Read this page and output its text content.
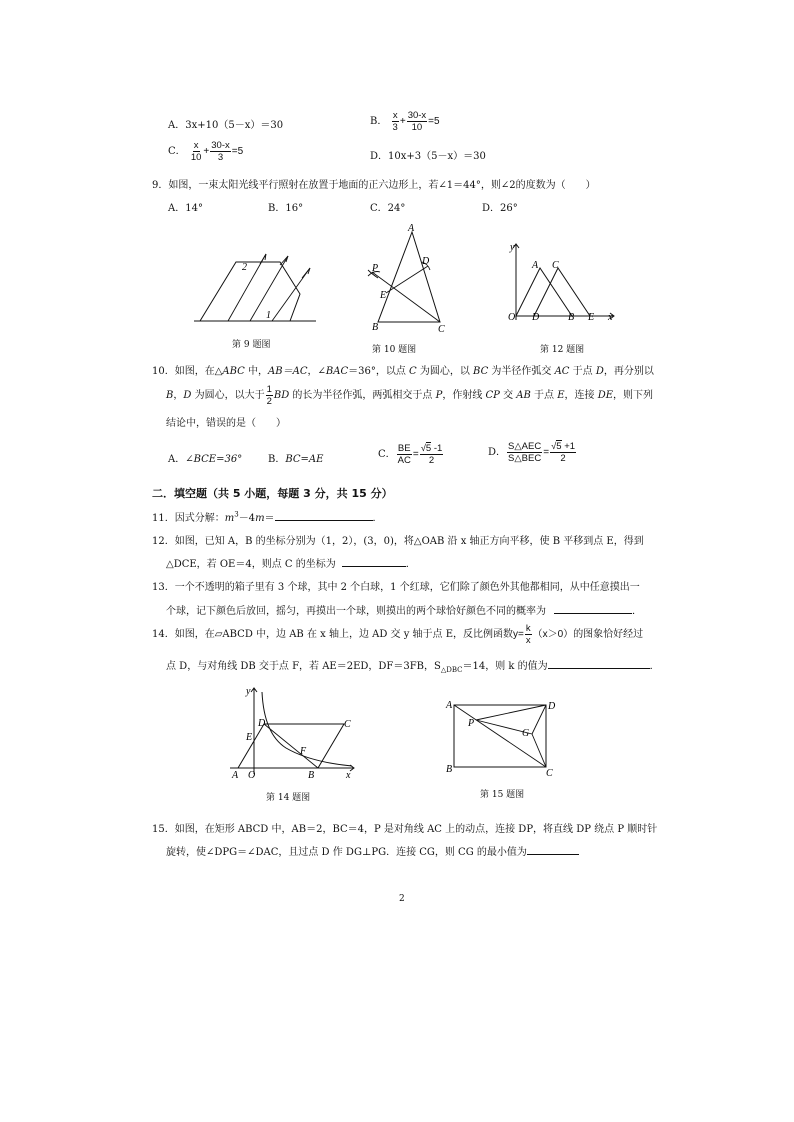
A．3x+10（5－x）＝30	B． $\frac{x}{3} + \frac{30-x}{10} =5$
C． $\frac{x}{10} + \frac{30-x}{3} =5$	D．10x+3（5－x）＝30
9．如图，一束太阳光线平行照射在放置于地面的正六边形上，若∠1＝44°，则∠2的度数为（　　）
A．14°	B．16°	C．24°	D．26°
2
1
第 9 题图
A
P
D
E
B	C
第 10 题图
y
A C
O D	B E x
第 12 题图
10．如图，在△ABC 中，AB＝AC，∠BAC＝36°，以点 C 为圆心，以 BC 为半径作弧交 AC 于点 D，再分别以
B，D 为圆心，以大于 $\frac{1}{2}$ BD 的长为半径作弧，两弧相交于点 P，作射线 CP 交 AB 于点 E，连接 DE，则下列
结论中，错误的是（　　）
A．∠BCE=36°	B．BC=AE	C． $\frac{BE}{AC} = \frac{√5 -1}{2}$	D． $\frac{\text{S△AEC}}{\text{S△BEC}} = \frac{√5 +1}{2}$
二．填空题（共 5 小题，每题 3 分，共 15 分）
11．因式分解：$m^3-4m=$	．
12．如图，已知 A，B 的坐标分别为（1，2），(3，0)，将△OAB 沿 x 轴正方向平移，使 B 平移到点 E，得到
△DCE，若 OE＝4，则点 C 的坐标为	．
13．一个不透明的箱子里有 3 个球，其中 2 个白球，1 个红球，它们除了颜色外其他都相同，从中任意摸出一
个球，记下颜色后放回，摇匀，再摸出一个球，则摸出的两个球恰好颜色不同的概率为	．
14．如图，在▱ABCD 中，边 AB 在 x 轴上，边 AD 交 y 轴于点 E，反比例函数$y= \frac{k}{x} (x>0)$的图象恰好经过
点 D，与对角线 DB 交于点 F，若 AE＝2ED，DF＝3FB，$S_{\triangle DBC}=14$，则 k 的值为	．
y
D	C
E
F
A O	B	x
第 14 题图
A	D
P
G
B	C
第 15 题图
15．如图，在矩形 ABCD 中，AB＝2，BC＝4，P 是对角线 AC 上的动点，连接 DP，将直线 DP 绕点 P 顺时针
旋转，使∠DPG＝∠DAC，且过点 D 作 DG⊥PG．连接 CG，则 CG 的最小值为
2
